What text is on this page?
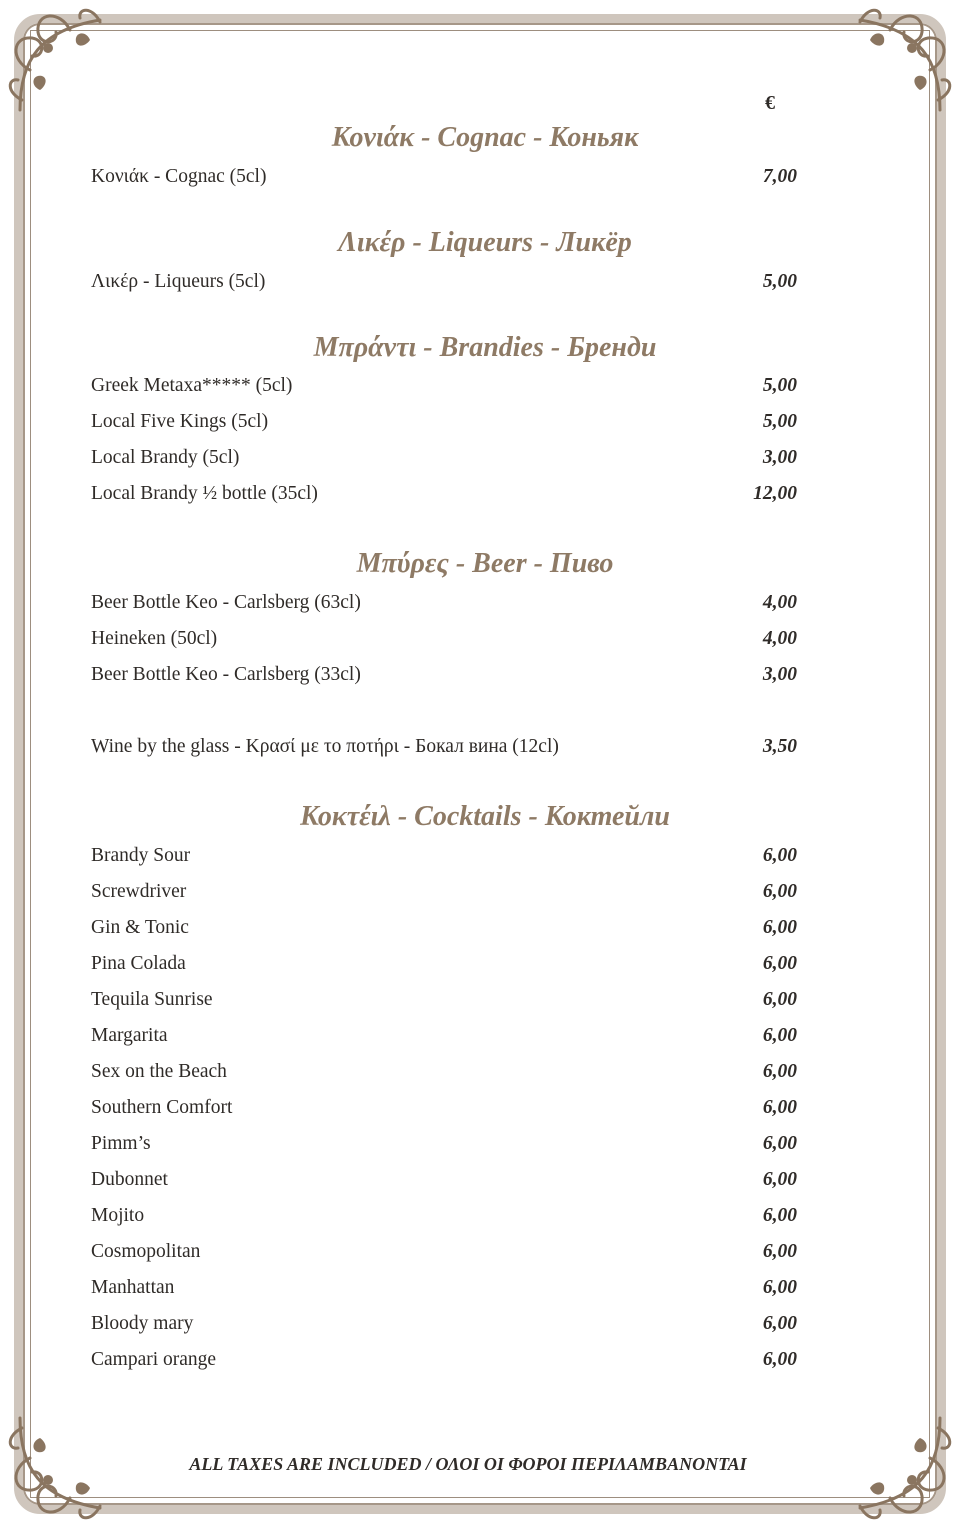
€
Κονιάκ - Cognac - Коньяк
Κονιάκ - Cognac (5cl)	7,00
Λικέρ - Liqueurs - Ликёр
Λικέρ - Liqueurs (5cl)	5,00
Μπράντι - Brandies - Бренди
Greek Metaxa***** (5cl)	5,00
Local Five Kings (5cl)	5,00
Local Brandy (5cl)	3,00
Local Brandy ½ bottle (35cl)	12,00
Μπύρες - Beer - Пиво
Beer Bottle Keo - Carlsberg (63cl)	4,00
Heineken (50cl)	4,00
Beer Bottle Keo - Carlsberg (33cl)	3,00
Wine by the glass - Κρασί με το ποτήρι - Бокал вина (12cl)	3,50
Κοκτέιλ - Cocktails - Коктейли
Brandy Sour	6,00
Screwdriver	6,00
Gin & Tonic	6,00
Pina Colada	6,00
Tequila Sunrise	6,00
Margarita	6,00
Sex on the Beach	6,00
Southern Comfort	6,00
Pimm’s	6,00
Dubonnet	6,00
Mojito	6,00
Cosmopolitan	6,00
Manhattan	6,00
Bloody mary	6,00
Campari orange	6,00
ALL TAXES ARE INCLUDED / ΟΛΟΙ ΟΙ ΦΟΡΟΙ ΠΕΡΙΛΑΜΒΑΝΟΝΤΑΙ
